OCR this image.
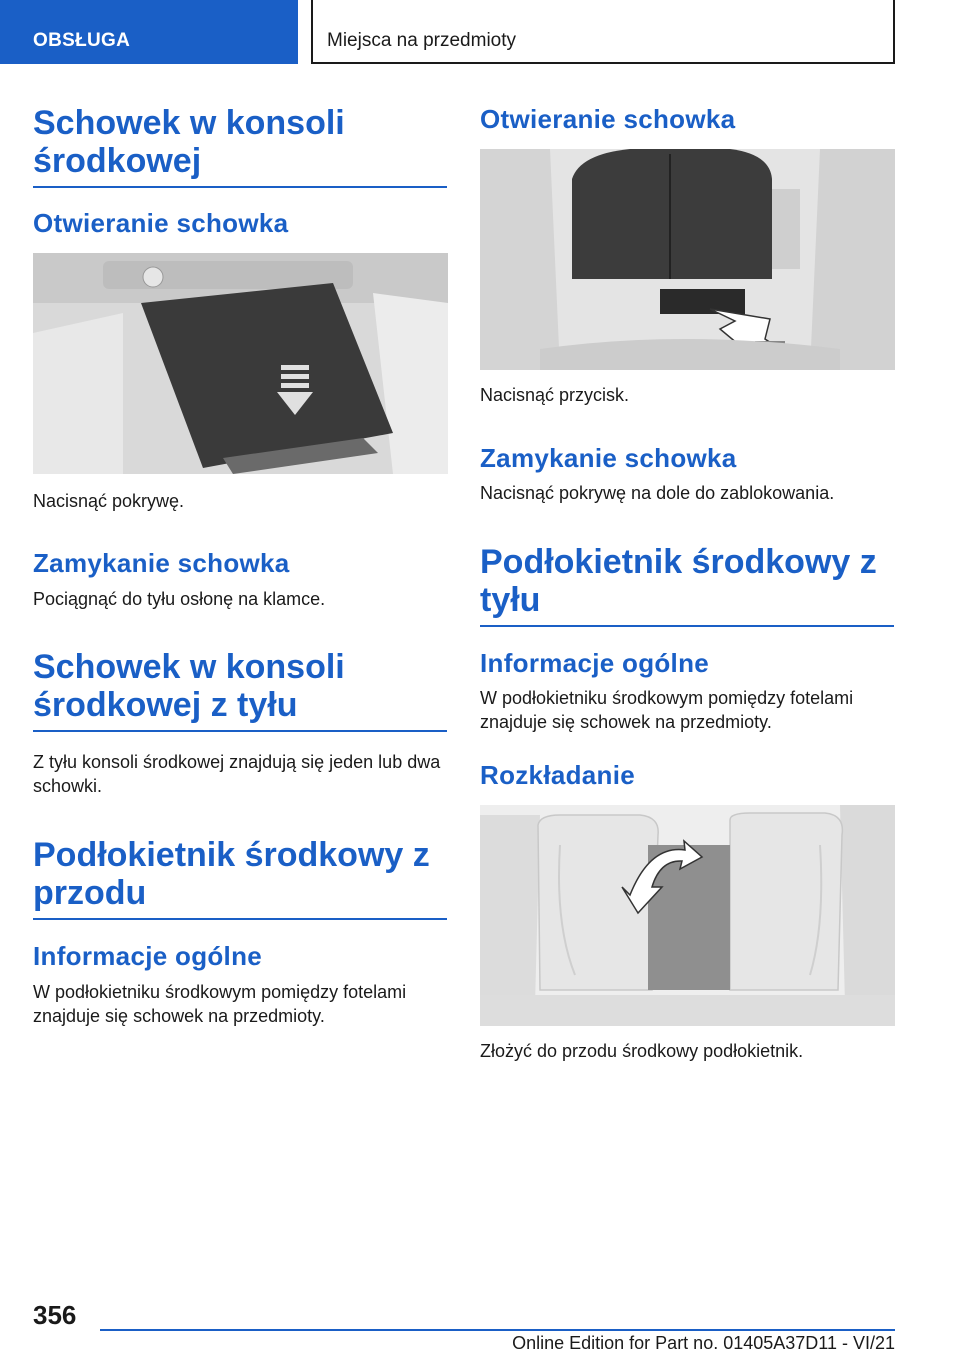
OBSŁUGA	Miejsca na przedmioty
Schowek w konsoli środkowej
Otwieranie schowka
Nacisnąć pokrywę.
Zamykanie schowka
Pociągnąć do tyłu osłonę na klamce.
Schowek w konsoli środkowej z tyłu
Z tyłu konsoli środkowej znajdują się jeden lub dwa schowki.
Podłokietnik środkowy z przodu
Informacje ogólne
W podłokietniku środkowym pomiędzy fotelami znajduje się schowek na przedmioty.
Otwieranie schowka
Nacisnąć przycisk.
Zamykanie schowka
Nacisnąć pokrywę na dole do zablokowania.
Podłokietnik środkowy z tyłu
Informacje ogólne
W podłokietniku środkowym pomiędzy fotelami znajduje się schowek na przedmioty.
Rozkładanie
Złożyć do przodu środkowy podłokietnik.
356
Online Edition for Part no. 01405A37D11 - VI/21
